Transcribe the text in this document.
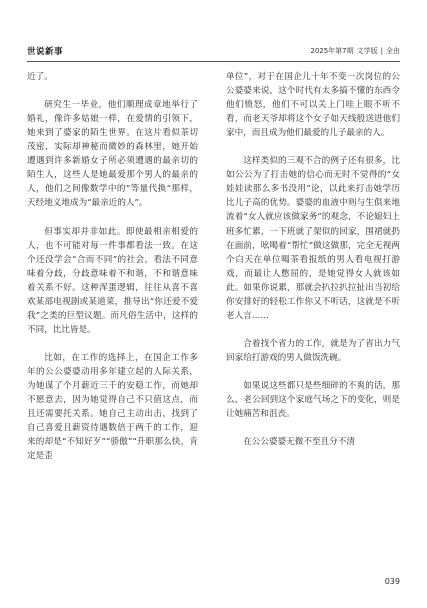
世说新事	2025年第7期 文学版 | 全由

近了。

研究生一毕业，他们顺理成章地举行了婚礼，像许多姑娘一样，在爱情的引领下，她来到了婆家的陌生世界。在这片看似茶切茂密，实际却神秘而微妙的森林里，她开始遭遇到许多新婚女子所必须遭遇的最亲切的陌生人，这些人是她最爱那个男人的最亲的人，他们之间像数学中的“等量代换”那样，天经地义地成为“最亲近的人”。

但事实却并非如此。即使最相亲相爱的人，也不可能对每一件事都看法一致。在这个还没学会“合而不同”的社会，看法不同意味着分歧，分歧意味着不和谐，不和谐意味着关系不好。这种浑蛋逻辑，往往从喜不喜欢某部电视剧或某道菜，推导出“你还爱不爱我”之类的巨型议题。而凡俗生活中，这样的不同，比比皆是。

比如，在工作的选择上，在国企工作多年的公公婆婆动用多年建立起的人际关系，为她谋了个月薪近三千的安稳工作，而她却不愿意去，因为她觉得自己不只值这点，而且还需要托关系。她自己主动出击，找到了自己喜爱且薪资待遇数倍于两千的工作，迎来的却是“不知好歹”“骄傲”“升职那么快，肯定是歪

单位”，对于在国企儿十年不变一次岗位的公公婆婆来说，这个时代有太多搞不懂的东西令他们愤怒，他们不可以关上门哇上眼不听不看，而老天爷却将这个女子如天线般送进他们家中，而且成为他们最爱的儿子最亲的人。

这样类似的三观不合的例子还有很多，比如公公为了打击她的信心而无时不觉得的“女娃娃读那么多书没用”论，以此来打击她学历比儿子高的优势。婆婆的血液中则与生俱来地流着“女人就应该做家务”的观念，不论媳妇上班多忙累，一下班就了架似的回家，围裙就扔在面前，吆喝着“帮忙”做这做那，完全无视两个白天在单位喝茶看报纸的男人看电视打游戏，而最让人憋屈的，是她觉得女人就该如此。如果你说累，那就会扒拉扒拉扯出当初给你安排好的轻松工作你又不听话，这就是不听老人言……

合着找个省力的工作，就是为了省出力气回家给打游戏的男人做饭洗碗。

如果说这些都只是些细碎的不爽的话，那么，老公回到这个家庭气场之下的变化，则是让她痛苦和沮丧。

在公公婆婆无微不至且分不清

039
